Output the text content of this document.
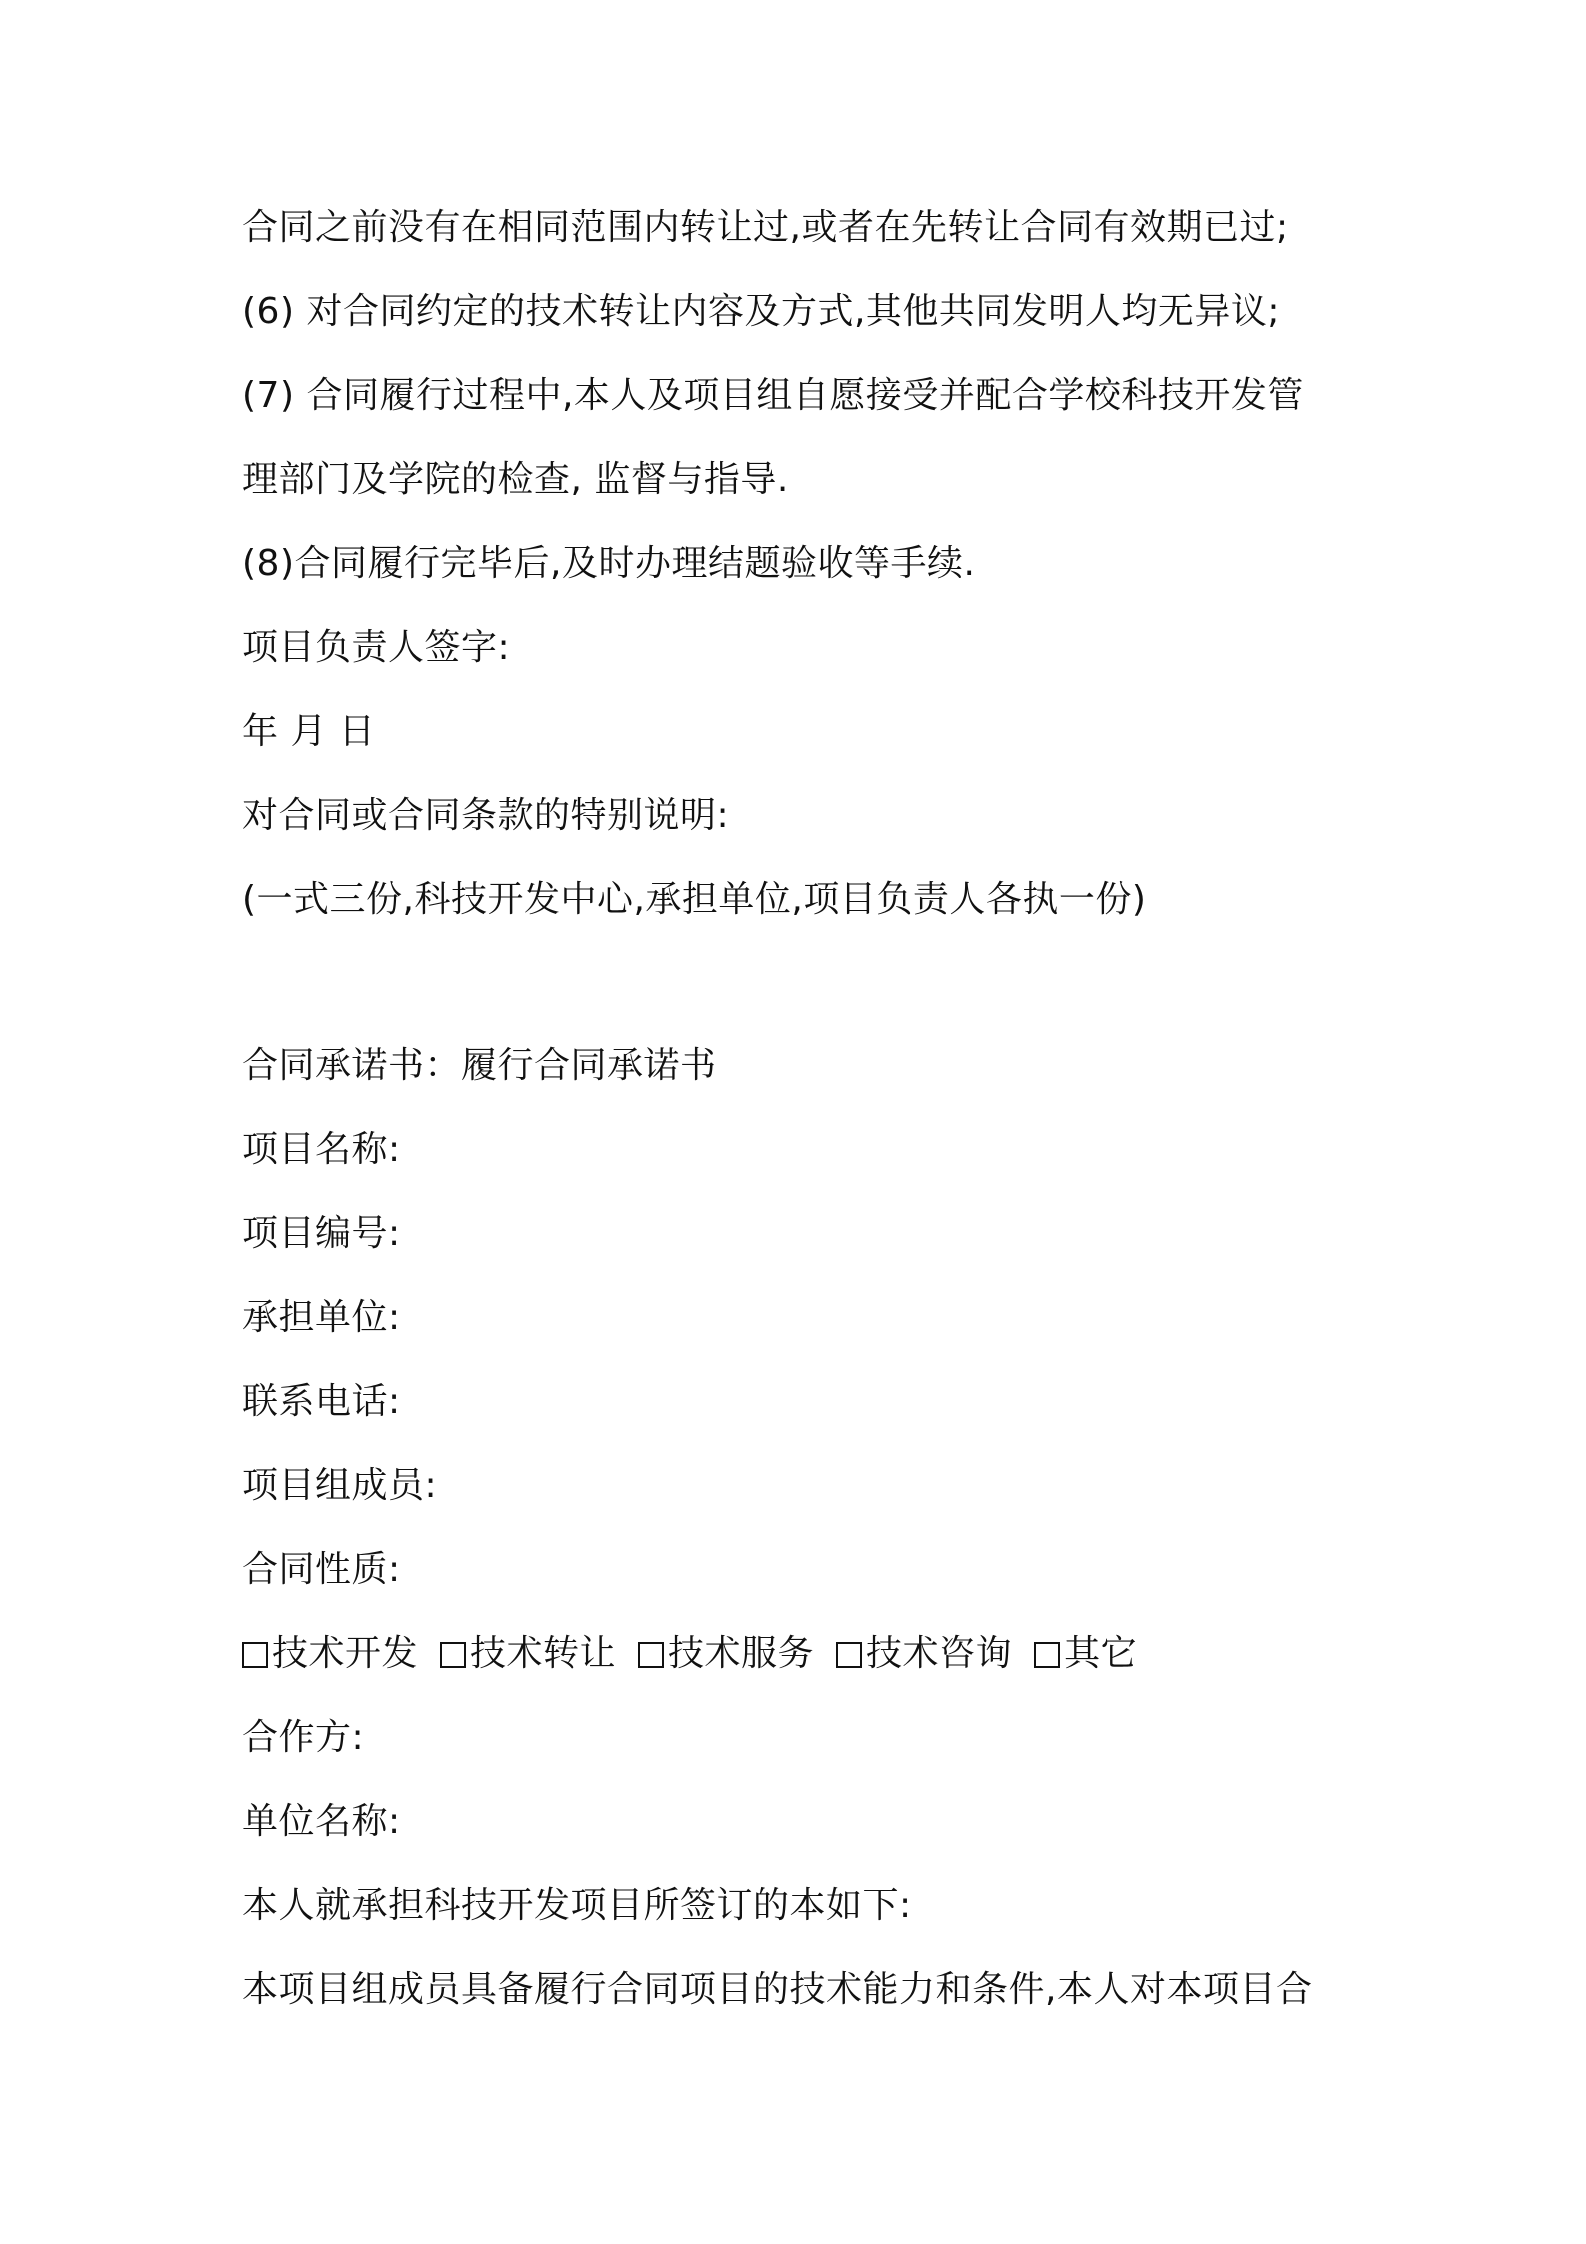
合同之前没有在相同范围内转让过,或者在先转让合同有效期已过;
(6) 对合同约定的技术转让内容及方式,其他共同发明人均无异议;
(7) 合同履行过程中,本人及项目组自愿接受并配合学校科技开发管
理部门及学院的检查, 监督与指导.
(8)合同履行完毕后,及时办理结题验收等手续.
项目负责人签字:
年 月 日
对合同或合同条款的特别说明:
(一式三份,科技开发中心,承担单位,项目负责人各执一份)
合同承诺书：履行合同承诺书
项目名称:
项目编号:
承担单位:
联系电话:
项目组成员:
合同性质:
技术开发 技术转让 技术服务 技术咨询 其它
合作方:
单位名称:
本人就承担科技开发项目所签订的本如下:
本项目组成员具备履行合同项目的技术能力和条件,本人对本项目合
